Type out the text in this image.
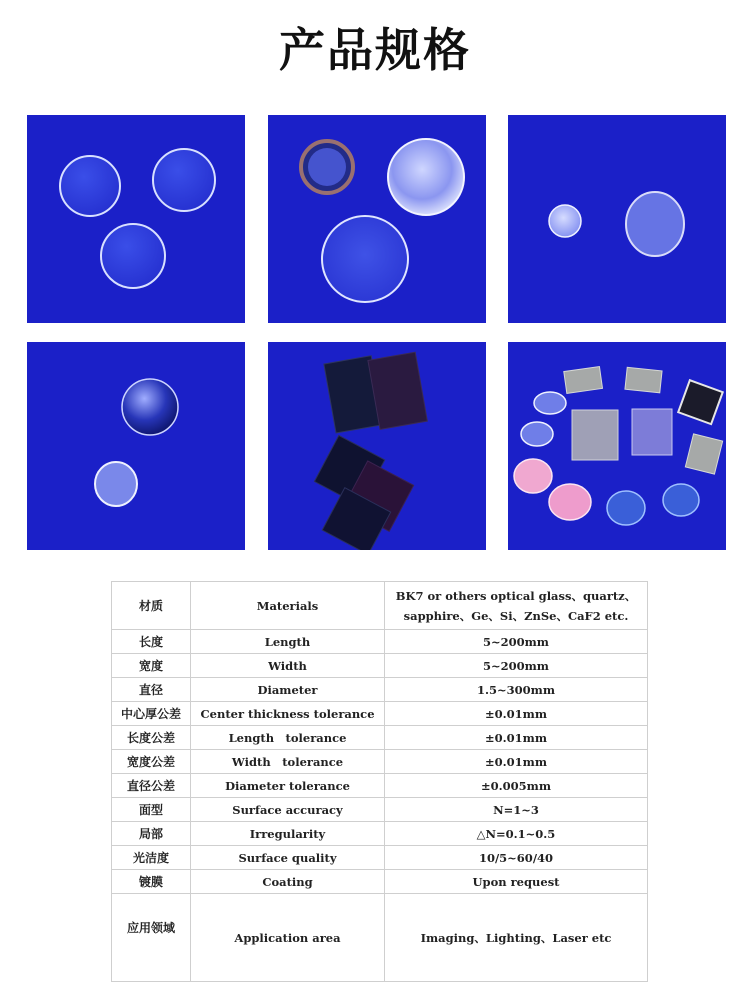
产品规格
材质	Materials	BK7 or others optical glass、quartz、sapphire、Ge、Si、ZnSe、CaF2 etc.
长度	Length	5~200mm
宽度	Width	5~200mm
直径	Diameter	1.5~300mm
中心厚公差	Center thickness tolerance	±0.01mm
长度公差	Length　tolerance	±0.01mm
宽度公差	Width　tolerance	±0.01mm
直径公差	Diameter tolerance	±0.005mm
面型	Surface accuracy	N=1~3
局部	Irregularity	△N=0.1~0.5
光洁度	Surface quality	10/5~60/40
镀膜	Coating	Upon request
应用领域	Application area	Imaging、Lighting、Laser etc
